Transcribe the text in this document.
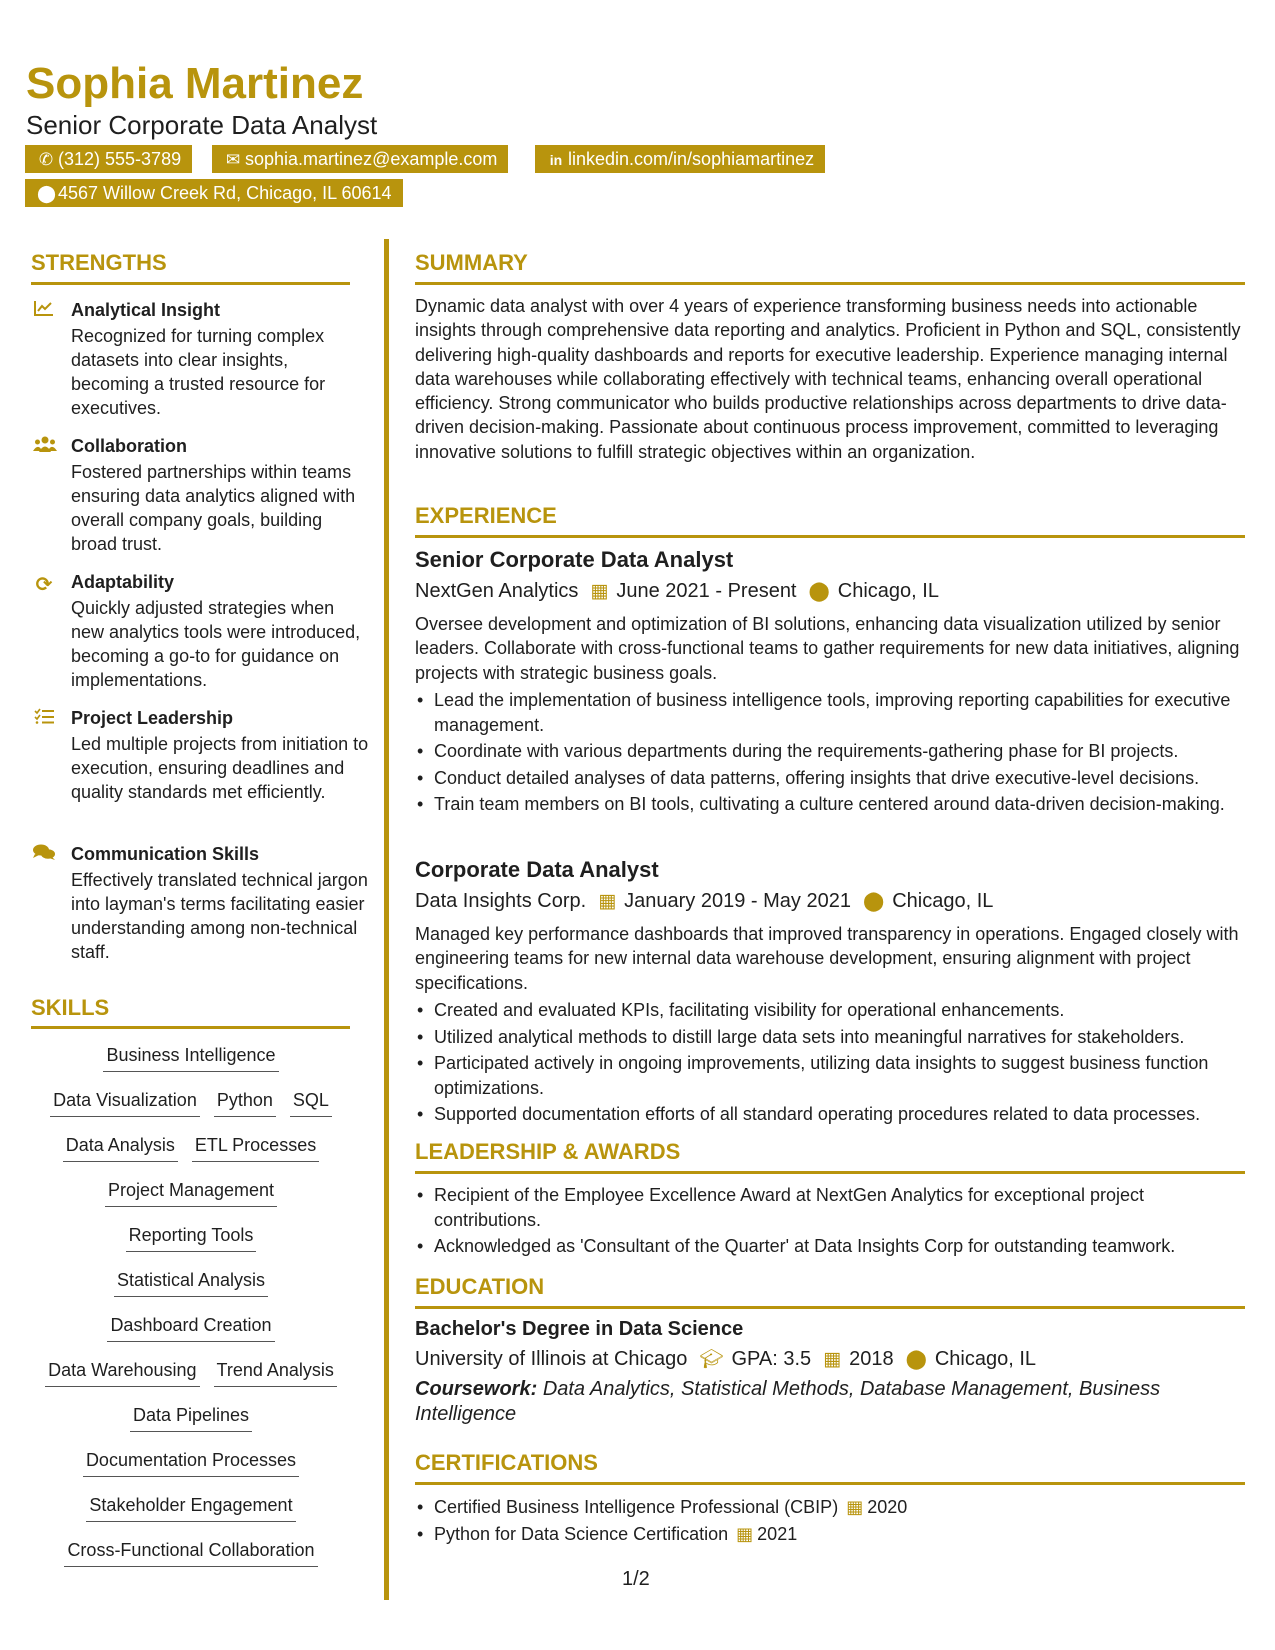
Sophia Martinez
Senior Corporate Data Analyst
✆ (312) 555-3789	✉ sophia.martinez@example.com	in linkedin.com/in/sophiamartinez
⬤ 4567 Willow Creek Rd, Chicago, IL 60614
STRENGTHS
Analytical Insight
Recognized for turning complex datasets into clear insights, becoming a trusted resource for executives.
Collaboration
Fostered partnerships within teams ensuring data analytics aligned with overall company goals, building broad trust.
⟳ Adaptability
Quickly adjusted strategies when new analytics tools were introduced, becoming a go-to for guidance on implementations.
Project Leadership
Led multiple projects from initiation to execution, ensuring deadlines and quality standards met efficiently.
Communication Skills
Effectively translated technical jargon into layman's terms facilitating easier understanding among non-technical staff.
SKILLS
Business Intelligence
Data Visualization Python SQL
Data Analysis ETL Processes
Project Management
Reporting Tools
Statistical Analysis
Dashboard Creation
Data Warehousing Trend Analysis
Data Pipelines
Documentation Processes
Stakeholder Engagement
Cross-Functional Collaboration
SUMMARY
Dynamic data analyst with over 4 years of experience transforming business needs into actionable insights through comprehensive data reporting and analytics. Proficient in Python and SQL, consistently delivering high-quality dashboards and reports for executive leadership. Experience managing internal data warehouses while collaborating effectively with technical teams, enhancing overall operational efficiency. Strong communicator who builds productive relationships across departments to drive data-driven decision-making. Passionate about continuous process improvement, committed to leveraging innovative solutions to fulfill strategic objectives within an organization.
EXPERIENCE
Senior Corporate Data Analyst
NextGen Analytics ▦ June 2021 - Present ⬤ Chicago, IL
Oversee development and optimization of BI solutions, enhancing data visualization utilized by senior leaders. Collaborate with cross-functional teams to gather requirements for new data initiatives, aligning projects with strategic business goals.
• Lead the implementation of business intelligence tools, improving reporting capabilities for executive management.
• Coordinate with various departments during the requirements-gathering phase for BI projects.
• Conduct detailed analyses of data patterns, offering insights that drive executive-level decisions.
• Train team members on BI tools, cultivating a culture centered around data-driven decision-making.
Corporate Data Analyst
Data Insights Corp. ▦ January 2019 - May 2021 ⬤ Chicago, IL
Managed key performance dashboards that improved transparency in operations. Engaged closely with engineering teams for new internal data warehouse development, ensuring alignment with project specifications.
• Created and evaluated KPIs, facilitating visibility for operational enhancements.
• Utilized analytical methods to distill large data sets into meaningful narratives for stakeholders.
• Participated actively in ongoing improvements, utilizing data insights to suggest business function optimizations.
• Supported documentation efforts of all standard operating procedures related to data processes.
LEADERSHIP & AWARDS
• Recipient of the Employee Excellence Award at NextGen Analytics for exceptional project contributions.
• Acknowledged as 'Consultant of the Quarter' at Data Insights Corp for outstanding teamwork.
EDUCATION
Bachelor's Degree in Data Science
University of Illinois at Chicago 🎓︎ GPA: 3.5 ▦ 2018 ⬤ Chicago, IL
Coursework: Data Analytics, Statistical Methods, Database Management, Business Intelligence
CERTIFICATIONS
• Certified Business Intelligence Professional (CBIP) ▦ 2020
• Python for Data Science Certification ▦ 2021
1/2
